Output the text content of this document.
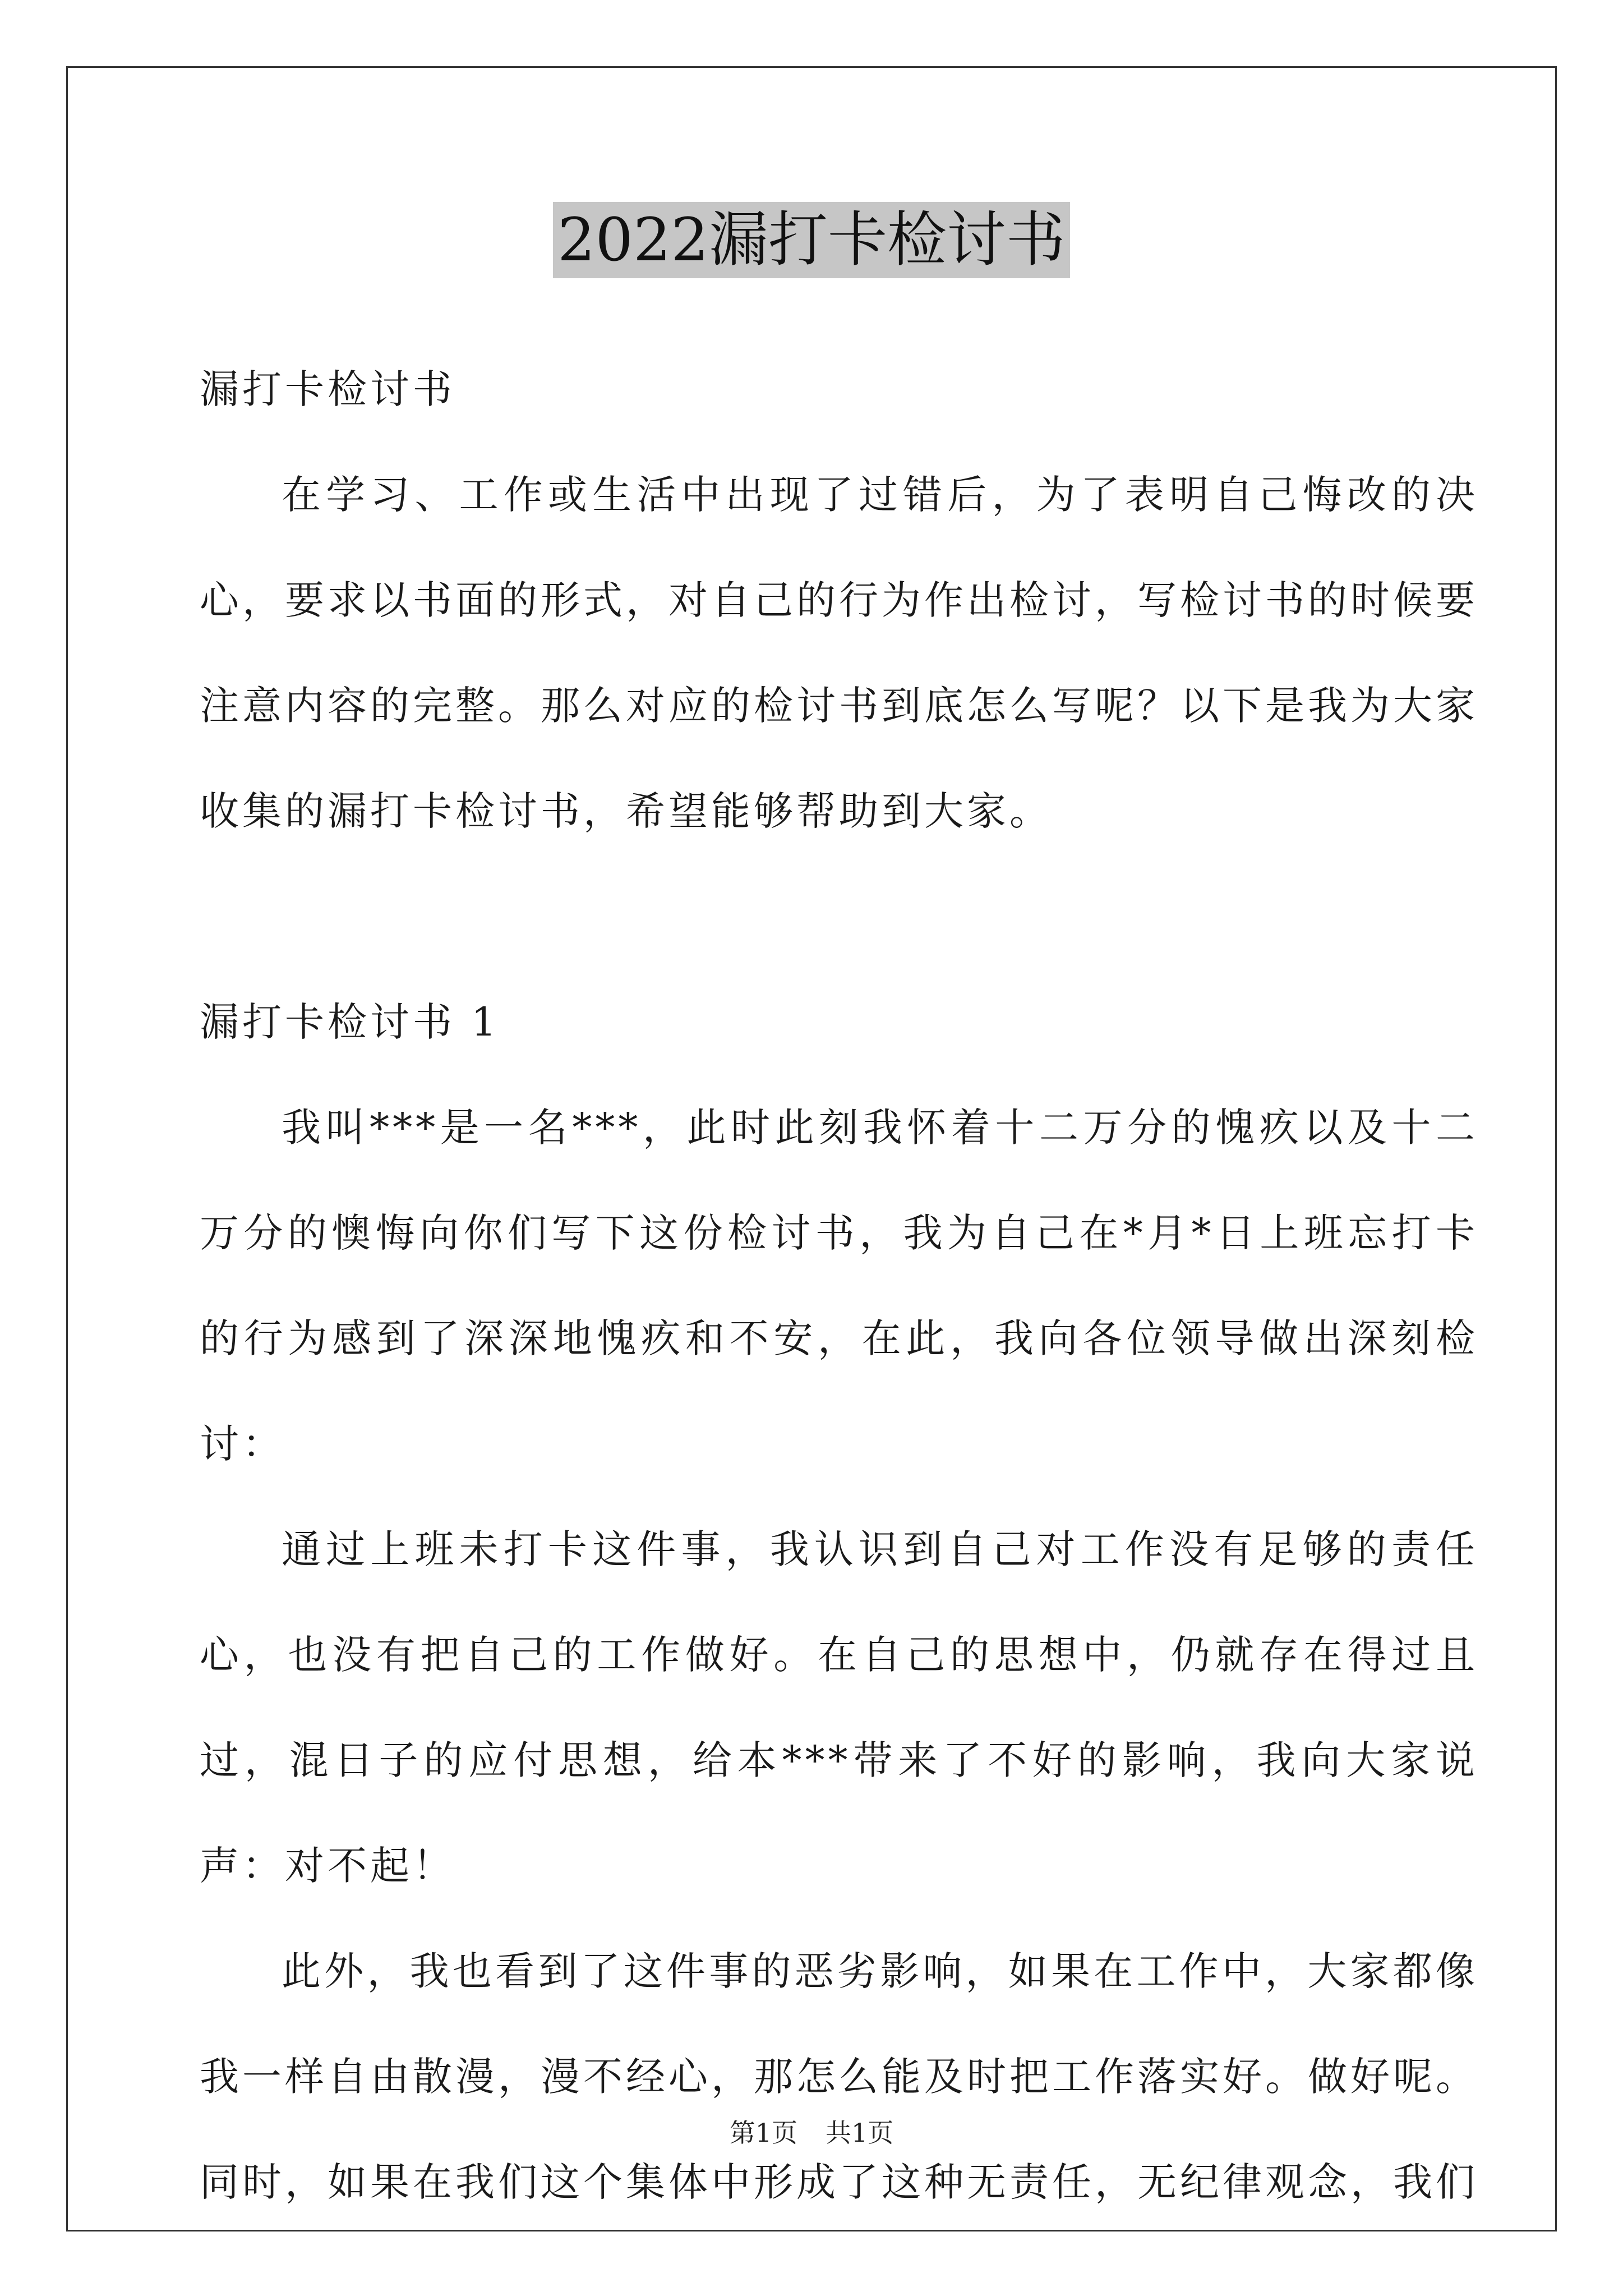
2022漏打卡检讨书

漏打卡检讨书

在学习、工作或生活中出现了过错后，为了表明自己悔改的决心，要求以书面的形式，对自己的行为作出检讨，写检讨书的时候要注意内容的完整。那么对应的检讨书到底怎么写呢？以下是我为大家收集的漏打卡检讨书，希望能够帮助到大家。

漏打卡检讨书 1

我叫***是一名***，此时此刻我怀着十二万分的愧疚以及十二万分的懊悔向你们写下这份检讨书，我为自己在*月*日上班忘打卡的行为感到了深深地愧疚和不安，在此，我向各位领导做出深刻检讨：

通过上班未打卡这件事，我认识到自己对工作没有足够的责任心，也没有把自己的工作做好。在自己的思想中，仍就存在得过且过，混日子的应付思想，给本***带来了不好的影响，我向大家说声：对不起！

此外，我也看到了这件事的恶劣影响，如果在工作中，大家都像我一样自由散漫，漫不经心，那怎么能及时把工作落实好。做好呢。同时，如果在我们这个集体中形成了这种无责任，无纪律观念，我们

第1页 共1页
